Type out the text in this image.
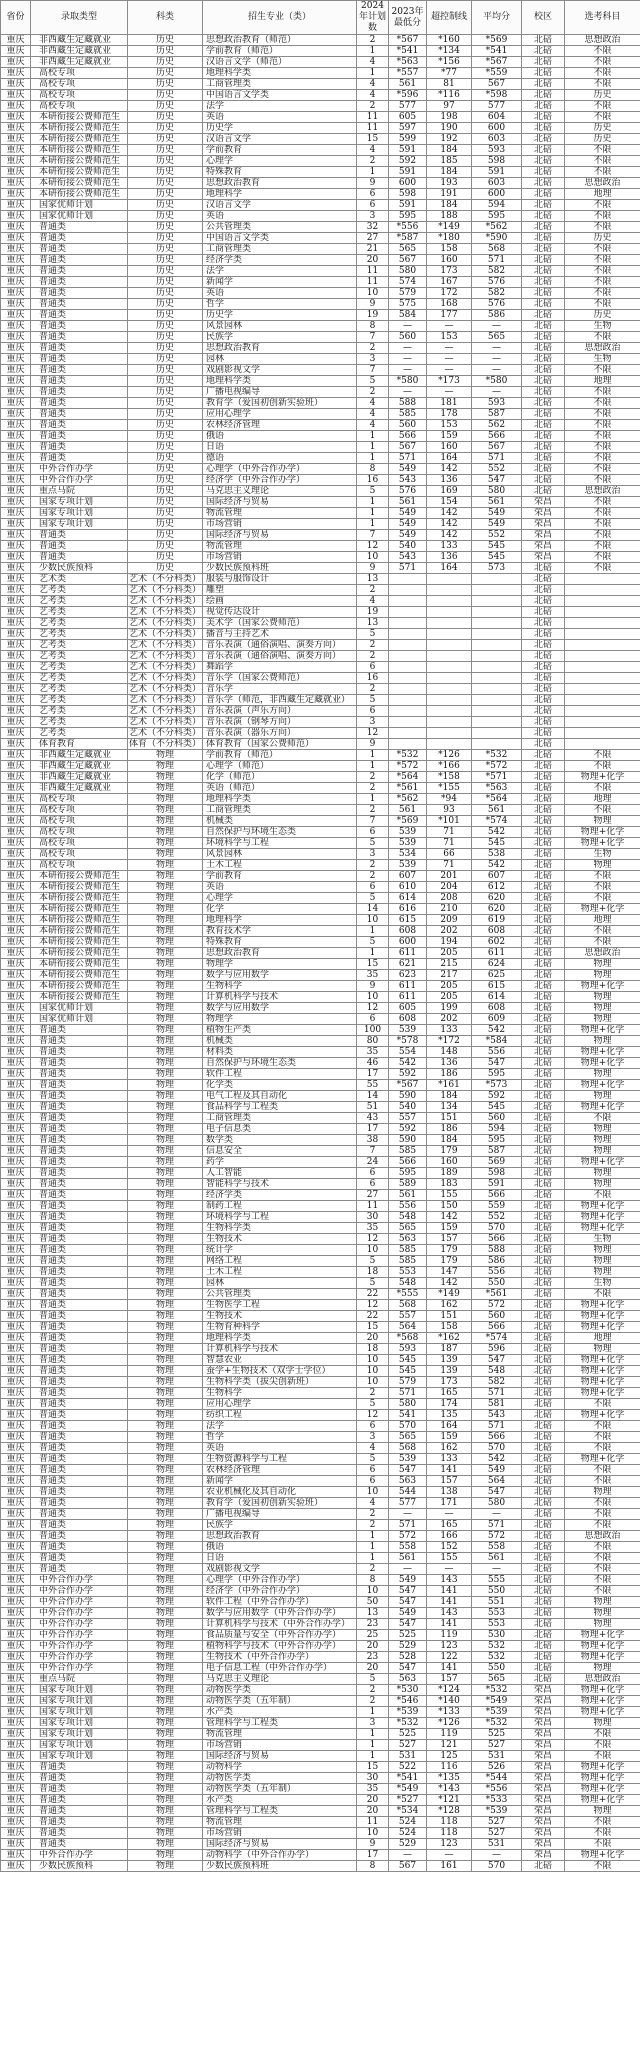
省份	录取类型	科类	招生专业（类）	2024年计划数	2023年最低分	超控制线	平均分	校区	选考科目
重庆	非西藏生定藏就业	历史	思想政治教育（师范）	2	*567	*160	*569	北碚	思想政治
重庆	非西藏生定藏就业	历史	学前教育（师范）	1	*541	*134	*541	北碚	不限
重庆	非西藏生定藏就业	历史	汉语言文学（师范）	4	*563	*156	*567	北碚	不限
重庆	高校专项	历史	地理科学类	1	*557	*77	*559	北碚	不限
重庆	高校专项	历史	工商管理类	4	561	81	567	北碚	不限
重庆	高校专项	历史	中国语言文学类	4	*596	*116	*598	北碚	历史
重庆	高校专项	历史	法学	2	577	97	577	北碚	不限
重庆	本研衔接公费师范生	历史	英语	11	605	198	604	北碚	不限
重庆	本研衔接公费师范生	历史	历史学	11	597	190	600	北碚	历史
重庆	本研衔接公费师范生	历史	汉语言文学	15	599	192	603	北碚	历史
重庆	本研衔接公费师范生	历史	学前教育	4	591	184	593	北碚	不限
重庆	本研衔接公费师范生	历史	心理学	2	592	185	598	北碚	不限
重庆	本研衔接公费师范生	历史	特殊教育	1	591	184	591	北碚	不限
重庆	本研衔接公费师范生	历史	思想政治教育	9	600	193	603	北碚	思想政治
重庆	本研衔接公费师范生	历史	地理科学	6	598	191	600	北碚	地理
重庆	国家优师计划	历史	汉语言文学	6	591	184	594	北碚	不限
重庆	国家优师计划	历史	英语	3	595	188	595	北碚	不限
重庆	普通类	历史	公共管理类	32	*556	*149	*562	北碚	不限
重庆	普通类	历史	中国语言文学类	27	*587	*180	*590	北碚	历史
重庆	普通类	历史	工商管理类	21	565	158	568	北碚	不限
重庆	普通类	历史	经济学类	20	567	160	571	北碚	不限
重庆	普通类	历史	法学	11	580	173	582	北碚	不限
重庆	普通类	历史	新闻学	11	574	167	576	北碚	不限
重庆	普通类	历史	英语	10	579	172	582	北碚	不限
重庆	普通类	历史	哲学	9	575	168	576	北碚	不限
重庆	普通类	历史	历史学	19	584	177	586	北碚	历史
重庆	普通类	历史	风景园林	8	—	—	—	北碚	生物
重庆	普通类	历史	民族学	7	560	153	565	北碚	不限
重庆	普通类	历史	思想政治教育	2	—	—	—	北碚	思想政治
重庆	普通类	历史	园林	3	—	—	—	北碚	生物
重庆	普通类	历史	戏剧影视文学	7	—	—	—	北碚	不限
重庆	普通类	历史	地理科学类	5	*580	*173	*580	北碚	地理
重庆	普通类	历史	广播电视编导	2	—	—	—	北碚	不限
重庆	普通类	历史	教育学（爱国初创新实验班）	4	588	181	593	北碚	不限
重庆	普通类	历史	应用心理学	4	585	178	587	北碚	不限
重庆	普通类	历史	农林经济管理	4	560	153	562	北碚	不限
重庆	普通类	历史	俄语	1	566	159	566	北碚	不限
重庆	普通类	历史	日语	1	567	160	567	北碚	不限
重庆	普通类	历史	德语	1	571	164	571	北碚	不限
重庆	中外合作办学	历史	心理学（中外合作办学）	8	549	142	552	北碚	不限
重庆	中外合作办学	历史	经济学（中外合作办学）	16	543	136	547	北碚	不限
重庆	重点马院	历史	马克思主义理论	5	576	169	580	北碚	思想政治
重庆	国家专项计划	历史	国际经济与贸易	1	561	154	561	荣昌	不限
重庆	国家专项计划	历史	物流管理	1	549	142	549	荣昌	不限
重庆	国家专项计划	历史	市场营销	1	549	142	549	荣昌	不限
重庆	普通类	历史	国际经济与贸易	7	549	142	552	荣昌	不限
重庆	普通类	历史	物流管理	12	540	133	545	荣昌	不限
重庆	普通类	历史	市场营销	10	543	136	545	荣昌	不限
重庆	少数民族预科	历史	少数民族预科班	9	571	164	573	北碚	不限
重庆	艺术类	艺术（不分科类）	服装与服饰设计	13				北碚	
重庆	艺考类	艺术（不分科类）	雕塑	2				北碚	
重庆	艺考类	艺术（不分科类）	绘画	4				北碚	
重庆	艺考类	艺术（不分科类）	视觉传达设计	19				北碚	
重庆	艺考类	艺术（不分科类）	美术学（国家公费师范）	13				北碚	
重庆	艺考类	艺术（不分科类）	播音与主持艺术	5				北碚	
重庆	艺考类	艺术（不分科类）	音乐表演（通俗演唱、演奏方向）	2				北碚	
重庆	艺考类	艺术（不分科类）	音乐表演（通俗演唱、演奏方向）	2				北碚	
重庆	艺考类	艺术（不分科类）	舞蹈学	6				北碚	
重庆	艺考类	艺术（不分科类）	音乐学（国家公费师范）	16				北碚	
重庆	艺考类	艺术（不分科类）	音乐学	2				北碚	
重庆	艺考类	艺术（不分科类）	音乐学（师范，非西藏生定藏就业）	5				北碚	
重庆	艺考类	艺术（不分科类）	音乐表演（声乐方向）	6				北碚	
重庆	艺考类	艺术（不分科类）	音乐表演（钢琴方向）	3				北碚	
重庆	艺考类	艺术（不分科类）	音乐表演（器乐方向）	12				北碚	
重庆	体育教育	体育（不分科类）	体育教育（国家公费师范）	9				北碚	
重庆	非西藏生定藏就业	物理	学前教育（师范）	1	*532	*126	*532	北碚	不限
重庆	非西藏生定藏就业	物理	心理学（师范）	1	*572	*166	*572	北碚	不限
重庆	非西藏生定藏就业	物理	化学（师范）	2	*564	*158	*571	北碚	物理+化学
重庆	非西藏生定藏就业	物理	英语（师范）	2	*561	*155	*563	北碚	不限
重庆	高校专项	物理	地理科学类	1	*562	*94	*564	北碚	地理
重庆	高校专项	物理	工商管理类	2	561	93	561	北碚	不限
重庆	高校专项	物理	机械类	7	*569	*101	*574	北碚	物理
重庆	高校专项	物理	自然保护与环境生态类	6	539	71	542	北碚	物理+化学
重庆	高校专项	物理	环境科学与工程	5	539	71	545	北碚	物理+化学
重庆	高校专项	物理	风景园林	3	534	66	538	北碚	生物
重庆	高校专项	物理	土木工程	2	539	71	542	北碚	物理
重庆	本研衔接公费师范生	物理	学前教育	2	607	201	607	北碚	不限
重庆	本研衔接公费师范生	物理	英语	6	610	204	612	北碚	不限
重庆	本研衔接公费师范生	物理	心理学	5	614	208	620	北碚	不限
重庆	本研衔接公费师范生	物理	化学	14	616	210	620	北碚	物理+化学
重庆	本研衔接公费师范生	物理	地理科学	10	615	209	619	北碚	地理
重庆	本研衔接公费师范生	物理	教育技术学	1	608	202	608	北碚	不限
重庆	本研衔接公费师范生	物理	特殊教育	5	600	194	602	北碚	不限
重庆	本研衔接公费师范生	物理	思想政治教育	1	611	205	611	北碚	思想政治
重庆	本研衔接公费师范生	物理	物理学	15	621	215	624	北碚	物理
重庆	本研衔接公费师范生	物理	数学与应用数学	35	623	217	625	北碚	物理
重庆	本研衔接公费师范生	物理	生物科学	9	611	205	615	北碚	物理+化学
重庆	本研衔接公费师范生	物理	计算机科学与技术	10	611	205	614	北碚	物理
重庆	国家优师计划	物理	数学与应用数学	12	605	199	608	北碚	物理
重庆	国家优师计划	物理	物理学	6	608	202	609	北碚	物理
重庆	普通类	物理	植物生产类	100	539	133	542	北碚	物理+化学
重庆	普通类	物理	机械类	80	*578	*172	*584	北碚	物理
重庆	普通类	物理	材料类	35	554	148	556	北碚	物理+化学
重庆	普通类	物理	自然保护与环境生态类	46	542	136	547	北碚	物理+化学
重庆	普通类	物理	软件工程	17	592	186	595	北碚	物理
重庆	普通类	物理	化学类	55	*567	*161	*573	北碚	物理+化学
重庆	普通类	物理	电气工程及其自动化	14	590	184	592	北碚	物理
重庆	普通类	物理	食品科学与工程类	51	540	134	545	北碚	物理+化学
重庆	普通类	物理	工商管理类	43	557	151	560	北碚	不限
重庆	普通类	物理	电子信息类	17	592	186	594	北碚	物理
重庆	普通类	物理	数学类	38	590	184	595	北碚	物理
重庆	普通类	物理	信息安全	7	585	179	587	北碚	物理
重庆	普通类	物理	药学	24	566	160	569	北碚	物理+化学
重庆	普通类	物理	人工智能	6	595	189	598	北碚	物理
重庆	普通类	物理	智能科学与技术	6	589	183	591	北碚	物理
重庆	普通类	物理	经济学类	27	561	155	566	北碚	不限
重庆	普通类	物理	制药工程	11	556	150	559	北碚	物理+化学
重庆	普通类	物理	环境科学与工程	30	548	142	552	北碚	物理+化学
重庆	普通类	物理	生物科学类	35	565	159	570	北碚	物理+化学
重庆	普通类	物理	生物技术	12	563	157	566	北碚	生物
重庆	普通类	物理	统计学	10	585	179	588	北碚	物理
重庆	普通类	物理	网络工程	5	585	179	586	北碚	物理
重庆	普通类	物理	土木工程	18	553	147	556	北碚	物理
重庆	普通类	物理	园林	5	548	142	550	北碚	生物
重庆	普通类	物理	公共管理类	22	*555	*149	*561	北碚	不限
重庆	普通类	物理	生物医学工程	12	568	162	572	北碚	物理+化学
重庆	普通类	物理	生物技术	22	557	151	560	北碚	物理+化学
重庆	普通类	物理	生物育种科学	15	564	158	566	北碚	物理+化学
重庆	普通类	物理	地理科学类	20	*568	*162	*574	北碚	地理
重庆	普通类	物理	计算机科学与技术	18	593	187	596	北碚	物理
重庆	普通类	物理	智慧农业	10	545	139	547	北碚	物理+化学
重庆	普通类	物理	蚕学+生物技术（双学士学位）	10	545	139	548	北碚	物理+化学
重庆	普通类	物理	生物科学类（拔尖创新班）	10	579	173	582	北碚	物理+化学
重庆	普通类	物理	生物科学	2	571	165	571	北碚	物理+化学
重庆	普通类	物理	应用心理学	5	580	174	581	北碚	不限
重庆	普通类	物理	纺织工程	12	541	135	543	北碚	物理+化学
重庆	普通类	物理	法学	6	570	164	571	北碚	不限
重庆	普通类	物理	哲学	3	565	159	566	北碚	不限
重庆	普通类	物理	英语	4	568	162	570	北碚	不限
重庆	普通类	物理	生物资源科学与工程	5	539	133	542	北碚	物理+化学
重庆	普通类	物理	农林经济管理	6	547	141	549	北碚	不限
重庆	普通类	物理	新闻学	6	563	157	564	北碚	不限
重庆	普通类	物理	农业机械化及其自动化	10	544	138	547	北碚	物理
重庆	普通类	物理	教育学（爱国初创新实验班）	4	577	171	580	北碚	不限
重庆	普通类	物理	广播电视编导	2	—	—	—	北碚	不限
重庆	普通类	物理	民族学	2	571	165	571	北碚	不限
重庆	普通类	物理	思想政治教育	1	572	166	572	北碚	思想政治
重庆	普通类	物理	俄语	1	558	152	558	北碚	不限
重庆	普通类	物理	日语	1	561	155	561	北碚	不限
重庆	普通类	物理	戏剧影视文学	2	—	—	—	北碚	不限
重庆	中外合作办学	物理	心理学（中外合作办学）	8	549	143	555	北碚	不限
重庆	中外合作办学	物理	经济学（中外合作办学）	10	547	141	550	北碚	不限
重庆	中外合作办学	物理	软件工程（中外合作办学）	50	547	141	551	北碚	物理
重庆	中外合作办学	物理	数学与应用数学（中外合作办学）	13	549	143	553	北碚	物理
重庆	中外合作办学	物理	计算机科学与技术（中外合作办学）	23	547	141	553	北碚	物理
重庆	中外合作办学	物理	食品质量与安全（中外合作办学）	25	525	119	530	北碚	物理+化学
重庆	中外合作办学	物理	植物科学与技术（中外合作办学）	20	529	123	532	北碚	物理+化学
重庆	中外合作办学	物理	生物技术（中外合作办学）	23	528	122	532	北碚	物理+化学
重庆	中外合作办学	物理	电子信息工程（中外合作办学）	20	547	141	550	北碚	物理
重庆	重点马院	物理	马克思主义理论	5	563	157	565	北碚	思想政治
重庆	国家专项计划	物理	动物医学类	2	*530	*124	*532	荣昌	物理+化学
重庆	国家专项计划	物理	动物医学类（五年制）	2	*546	*140	*549	荣昌	物理+化学
重庆	国家专项计划	物理	水产类	1	*539	*133	*539	荣昌	物理+化学
重庆	国家专项计划	物理	管理科学与工程类	3	*532	*126	*532	荣昌	物理
重庆	国家专项计划	物理	物流管理	1	525	119	525	荣昌	不限
重庆	国家专项计划	物理	市场营销	1	527	121	527	荣昌	不限
重庆	国家专项计划	物理	国际经济与贸易	1	531	125	531	荣昌	不限
重庆	普通类	物理	动物科学	15	522	116	526	荣昌	物理+化学
重庆	普通类	物理	动物医学类	30	*541	*135	*544	荣昌	物理+化学
重庆	普通类	物理	动物医学类（五年制）	35	*549	*143	*556	荣昌	物理+化学
重庆	普通类	物理	水产类	20	*527	*121	*533	荣昌	物理+化学
重庆	普通类	物理	管理科学与工程类	20	*534	*128	*539	荣昌	物理
重庆	普通类	物理	物流管理	11	524	118	527	荣昌	不限
重庆	普通类	物理	市场营销	10	524	118	527	荣昌	不限
重庆	普通类	物理	国际经济与贸易	9	529	123	531	荣昌	不限
重庆	中外合作办学	物理	动物科学（中外合作办学）	17	—	—	—	荣昌	物理+化学
重庆	少数民族预科	物理	少数民族预科班	8	567	161	570	北碚	不限
